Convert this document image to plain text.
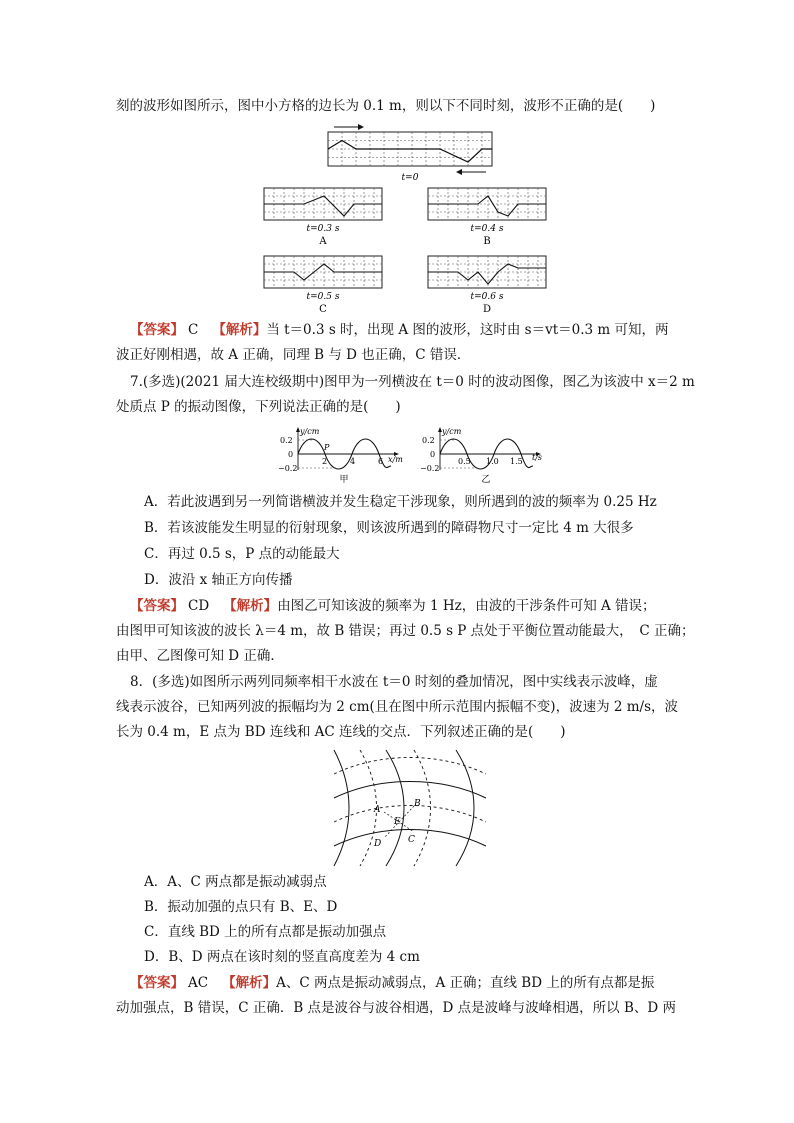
刻的波形如图所示，图中小方格的边长为 0.1 m，则以下不同时刻，波形不正确的是(　　)
t=0
t=0.3 s
A
t=0.4 s
B
t=0.5 s
C
t=0.6 s
D
【答案】 C 【解析】当 t＝0.3 s 时，出现 A 图的波形，这时由 s＝vt＝0.3 m 可知，两
波正好刚相遇，故 A 正确，同理 B 与 D 也正确，C 错误．
7.(多选)(2021 届大连校级期中)图甲为一列横波在 t＝0 时的波动图像，图乙为该波中 x＝2 m
处质点 P 的振动图像，下列说法正确的是(　　)
y/cm
0.2
0
−0.2
P
2	4	6 x/m
甲
y/cm
0.2
0
−0.2
0.5 1.0 1.5 t/s
乙
A．若此波遇到另一列简谐横波并发生稳定干涉现象，则所遇到的波的频率为 0.25 Hz
B．若该波能发生明显的衍射现象，则该波所遇到的障碍物尺寸一定比 4 m 大很多
C．再过 0.5 s，P 点的动能最大
D．波沿 x 轴正方向传播
【答案】 CD 【解析】由图乙可知该波的频率为 1 Hz，由波的干涉条件可知 A 错误；
由图甲可知该波的波长 λ＝4 m，故 B 错误；再过 0.5 s P 点处于平衡位置动能最大，　C 正确；
由甲、乙图像可知 D 正确．
8．(多选)如图所示两列同频率相干水波在 t＝0 时刻的叠加情况，图中实线表示波峰，虚
线表示波谷，已知两列波的振幅均为 2 cm(且在图中所示范围内振幅不变)，波速为 2 m/s，波
长为 0.4 m，E 点为 BD 连线和 AC 连线的交点．下列叙述正确的是(　　)
A
B
C
D
E
A．A、C 两点都是振动减弱点
B．振动加强的点只有 B、E、D
C．直线 BD 上的所有点都是振动加强点
D．B、D 两点在该时刻的竖直高度差为 4 cm
【答案】 AC 【解析】A、C 两点是振动减弱点，A 正确；直线 BD 上的所有点都是振
动加强点，B 错误，C 正确．B 点是波谷与波谷相遇，D 点是波峰与波峰相遇，所以 B、D 两
